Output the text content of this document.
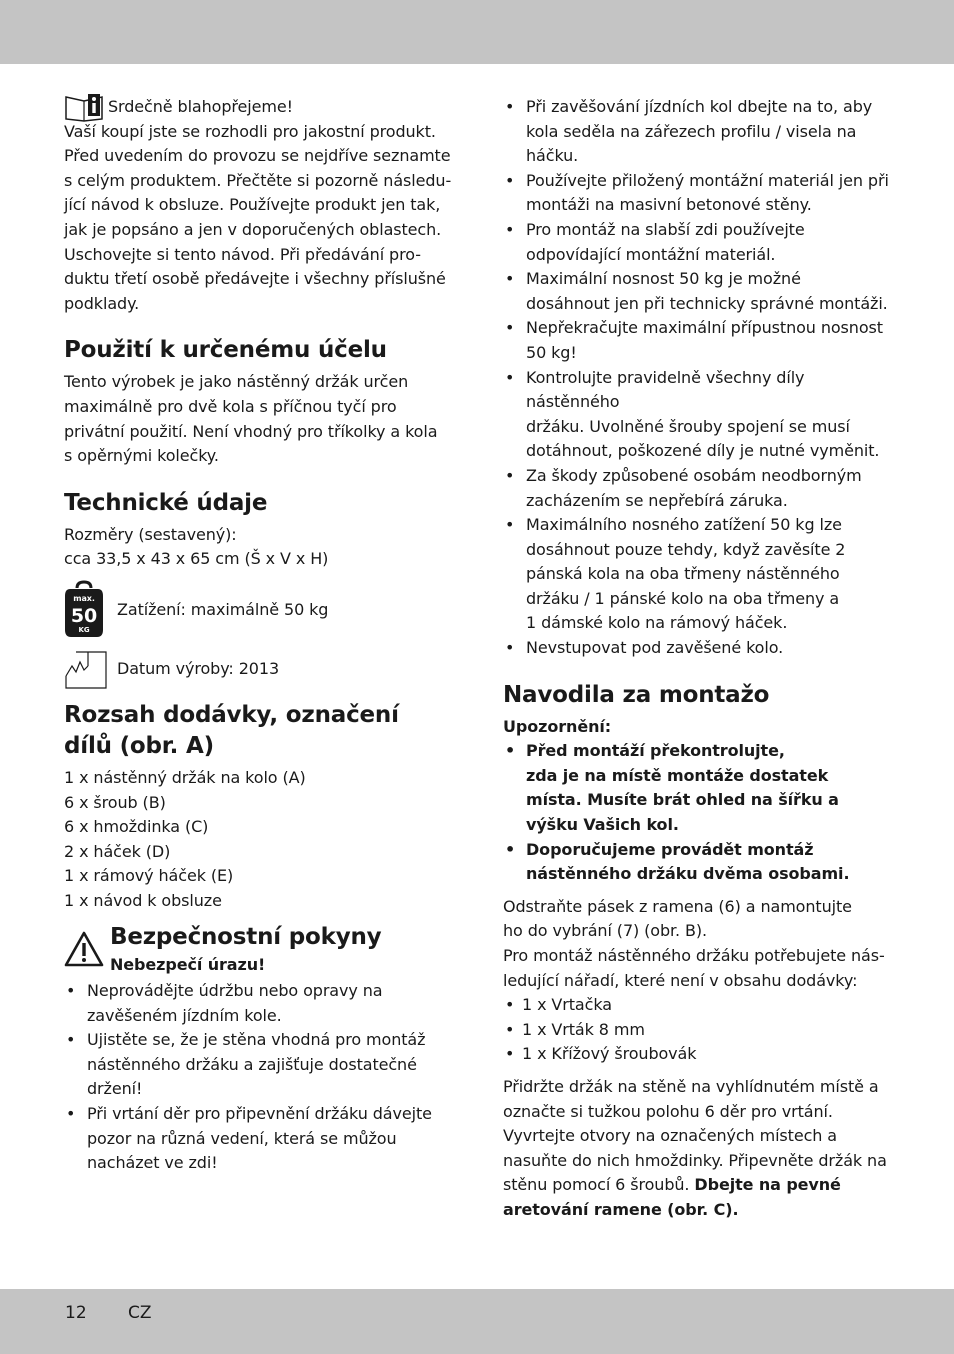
Srdečně blahopřejeme!

Vaší koupí jste se rozhodli pro jakostní produkt.

Před uvedením do provozu se nejdříve seznamte

s celým produktem. Přečtěte si pozorně následu-

jící návod k obsluze. Používejte produkt jen tak,

jak je popsáno a jen v doporučených oblastech.

Uschovejte si tento návod. Při předávání pro-

duktu třetí osobě předávejte i všechny příslušné

podklady.

Použití k určenému účelu

Tento výrobek je jako nástěnný držák určen

maximálně pro dvě kola s příčnou tyčí pro

privátní použití. Není vhodný pro tříkolky a kola

s opěrnými kolečky.

Technické údaje

Rozměry (sestavený):

cca 33,5 x 43 x 65 cm (Š x V x H)

max.
50
KG
Zatížení: maximálně 50 kg
Datum výroby: 2013
Rozsah dodávky, označení
dílů (obr. A)

1 x nástěnný držák na kolo (A)

6 x šroub (B)

6 x hmoždinka (C)

2 x háček (D)

1 x rámový háček (E)

1 x návod k obsluze

Bezpečnostní pokyny

Nebezpečí úrazu!

• Neprovádějte údržbu nebo opravy na
zavěšeném jízdním kole.
• Ujistěte se, že je stěna vhodná pro montáž
nástěnného držáku a zajišťuje dostatečné
držení!
• Při vrtání děr pro připevnění držáku dávejte
pozor na různá vedení, která se můžou
nacházet ve zdi!
• Při zavěšování jízdních kol dbejte na to, aby
kola seděla na zářezech profilu / visela na
háčku.
• Používejte přiložený montážní materiál jen při
montáži na masivní betonové stěny.
• Pro montáž na slabší zdi používejte
odpovídající montážní materiál.
• Maximální nosnost 50 kg je možné
dosáhnout jen při technicky správné montáži.
• Nepřekračujte maximální přípustnou nosnost
50 kg!
• Kontrolujte pravidelně všechny díly
nástěnného
držáku. Uvolněné šrouby spojení se musí
dotáhnout, poškozené díly je nutné vyměnit.
• Za škody způsobené osobám neodborným
zacházením se nepřebírá záruka.
• Maximálního nosného zatížení 50 kg lze
dosáhnout pouze tehdy, když zavěsíte 2
pánská kola na oba třmeny nástěnného
držáku / 1 pánské kolo na oba třmeny a
1 dámské kolo na rámový háček.
• Nevstupovat pod zavěšené kolo.
Navodila za montažo

Upozornění:

• Před montáží překontrolujte,
zda je na místě montáže dostatek
místa. Musíte brát ohled na šířku a
výšku Vašich kol.
• Doporučujeme provádět montáž
nástěnného držáku dvěma osobami.

Odstraňte pásek z ramena (6) a namontujte

ho do vybrání (7) (obr. B).

Pro montáž nástěnného držáku potřebujete nás-

ledující nářadí, které není v obsahu dodávky:

• 1 x Vrtačka
• 1 x Vrták 8 mm
• 1 x Křížový šroubovák

Přidržte držák na stěně na vyhlídnutém místě a

označte si tužkou polohu 6 děr pro vrtání.

Vyvrtejte otvory na označených místech a

nasuňte do nich hmoždinky. Připevněte držák na

stěnu pomocí 6 šroubů. Dbejte na pevné

aretování ramene (obr. C).

12 CZ
